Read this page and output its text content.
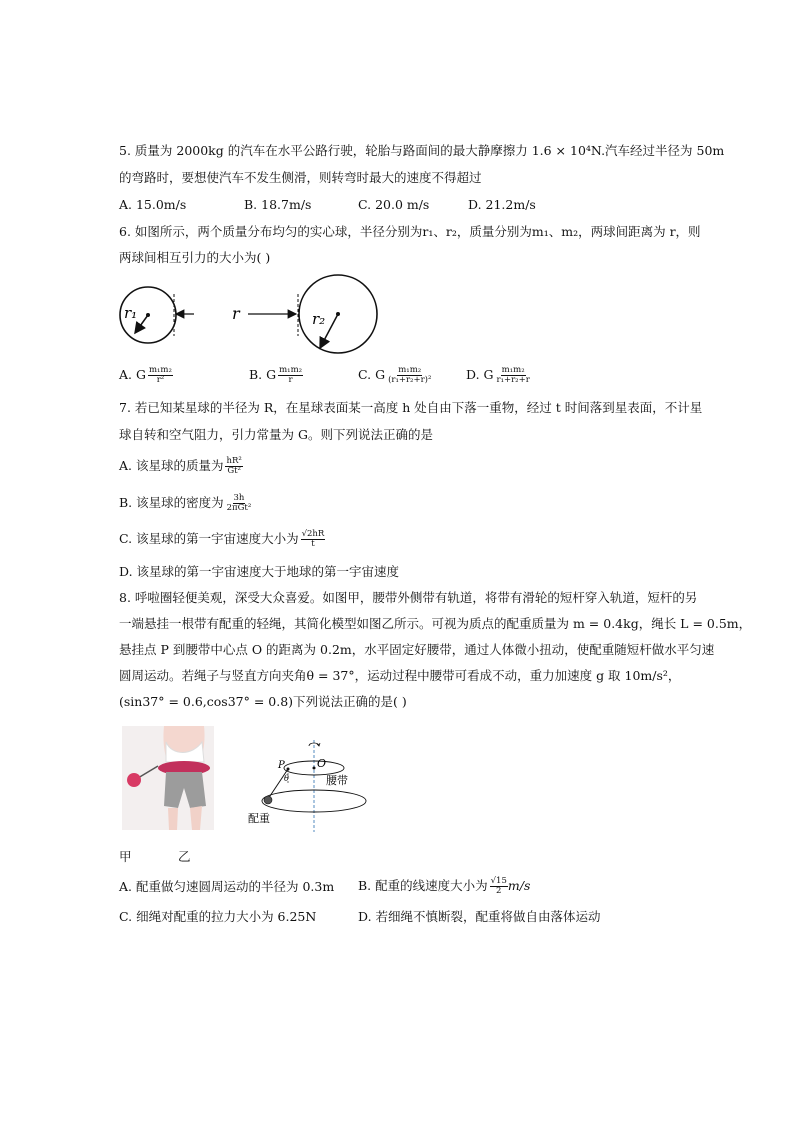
5. 质量为 2000kg 的汽车在水平公路行驶，轮胎与路面间的最大静摩擦力 1.6 × 10⁴N.汽车经过半径为 50m
的弯路时，要想使汽车不发生侧滑，则转弯时最大的速度不得超过
A. 15.0m/s	B. 18.7m/s	C. 20.0 m/s	D. 21.2m/s
6. 如图所示，两个质量分布均匀的实心球，半径分别为r₁、r₂，质量分别为m₁、m₂，两球间距离为 r，则
两球间相互引力的大小为( )
r₁	r	r₂
A. G $\frac{\text{m₁m₂}}{\text{r²}}$	B. G $\frac{\text{m₁m₂}}{r}$	C. G $\frac{\text{m₁m₂}}{\text{(r₁+r₂+r)²}}$	D. G $\frac{\text{m₁m₂}}{\text{r₁+r₂+r}}$
7. 若已知某星球的半径为 R，在星球表面某一高度 h 处自由下落一重物，经过 t 时间落到星表面，不计星
球自转和空气阻力，引力常量为 G。则下列说法正确的是
A. 该星球的质量为 $\frac{\text{hR²}}{\text{Gt²}}$
B. 该星球的密度为 $\frac{3h}{\text{2πGt²}}$
C. 该星球的第一宇宙速度大小为 $\frac{√2hR}{t}$
D. 该星球的第一宇宙速度大于地球的第一宇宙速度
8. 呼啦圈轻便美观，深受大众喜爱。如图甲，腰带外侧带有轨道，将带有滑轮的短杆穿入轨道，短杆的另
一端悬挂一根带有配重的轻绳，其简化模型如图乙所示。可视为质点的配重质量为 m = 0.4kg，绳长 L = 0.5m，
悬挂点 P 到腰带中心点 O 的距离为 0.2m，水平固定好腰带，通过人体微小扭动，使配重随短杆做水平匀速
圆周运动。若绳子与竖直方向夹角θ = 37°，运动过程中腰带可看成不动，重力加速度 g 取 10m/s²，
(sin37° = 0.6,cos37° = 0.8)下列说法正确的是( )
P	O
θ	腰带
配重
甲	乙
A. 配重做匀速圆周运动的半径为 0.3m B. 配重的线速度大小为 $\frac{√15}{2} m/s$
C. 细绳对配重的拉力大小为 6.25N	D. 若细绳不慎断裂，配重将做自由落体运动
